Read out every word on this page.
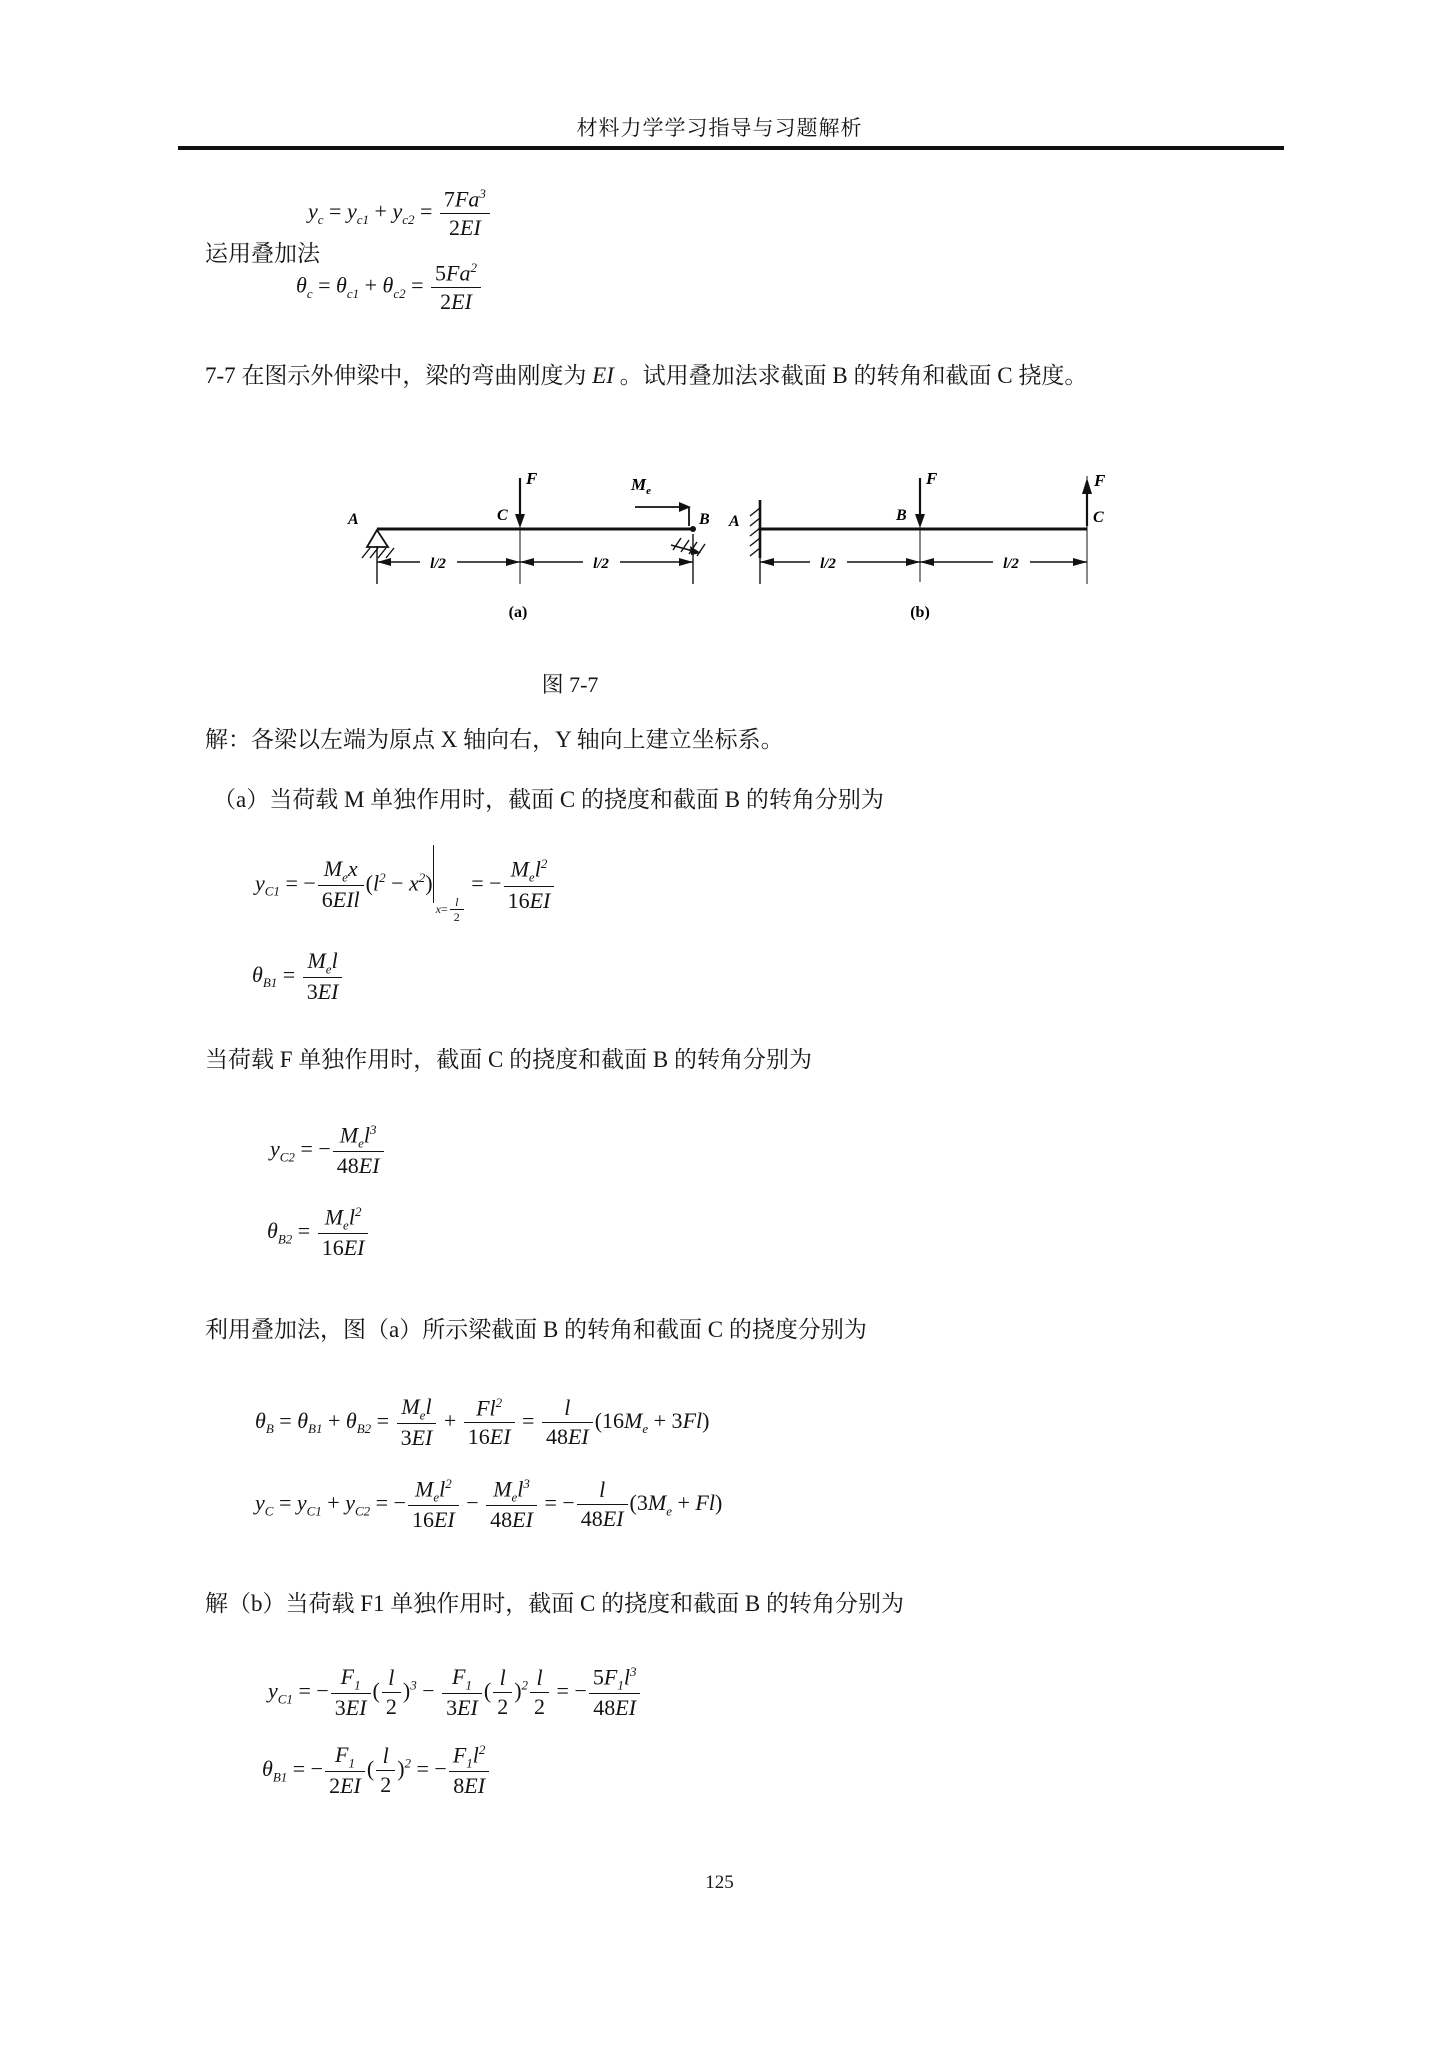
材料力学学习指导与习题解析
$y_c = y_{c1} + y_{c2} = \frac{7Fa^3}{2EI}$
运用叠加法
$\theta_c = \theta_{c1} + \theta_{c2} = \frac{5Fa^2}{2EI}$
7-7 在图示外伸梁中，梁的弯曲刚度为 EI 。试用叠加法求截面 B 的转角和截面 C 挠度。
A
F
C
$M_e$
B
l/2	l/2
(a)
A
F
B
F
C
l/2	l/2
(b)
图 7-7
解：各梁以左端为原点 X 轴向右，Y 轴向上建立坐标系。
（a）当荷载 M 单独作用时，截面 C 的挠度和截面 B 的转角分别为
$y_{C1}$ = − $\frac{M_ex}{\text{6EIl}} (l^2 - x^2)x= \frac{l}{2}$
= − $\frac{M_el^2}{16EI}$
$\theta_{B1} = \frac{M_el}{3EI}$
当荷载 F 单独作用时，截面 C 的挠度和截面 B 的转角分别为
$y_{C2}$ = − $\frac{M_el^3}{48EI}$
$\theta_{B2} = \frac{M_el^2}{16EI}$
利用叠加法，图（a）所示梁截面 B 的转角和截面 C 的挠度分别为
$\theta_B = \theta_{B1} + \theta_{B2} = \frac{M_el}{3EI} + \frac{Fl^2}{16EI} = \frac{l}{48EI} (16M_e + 3Fl)$
$y_C = y_{C1} + y_{C2}$ = − $\frac{M_el^2}{16EI} - \frac{M_el^3}{48EI}$ = − $\frac{l}{48EI} (3M_e + Fl)$
解（b）当荷载 F1 单独作用时，截面 C 的挠度和截面 B 的转角分别为
$y_{C1}$ = − $\frac{F_1}{3EI}$ ( $\frac{l}{2} )^3 - \frac{F_1}{3EI}$ ( $\frac{l}{2} )^2 \frac{l}{2}$ = − $\frac{5F_1l^3}{48EI}$
$\theta_{B1}$ = − $\frac{F_1}{2EI}$ ( $\frac{l}{2} )^2$ = − $\frac{F_1l^2}{8EI}$
125
